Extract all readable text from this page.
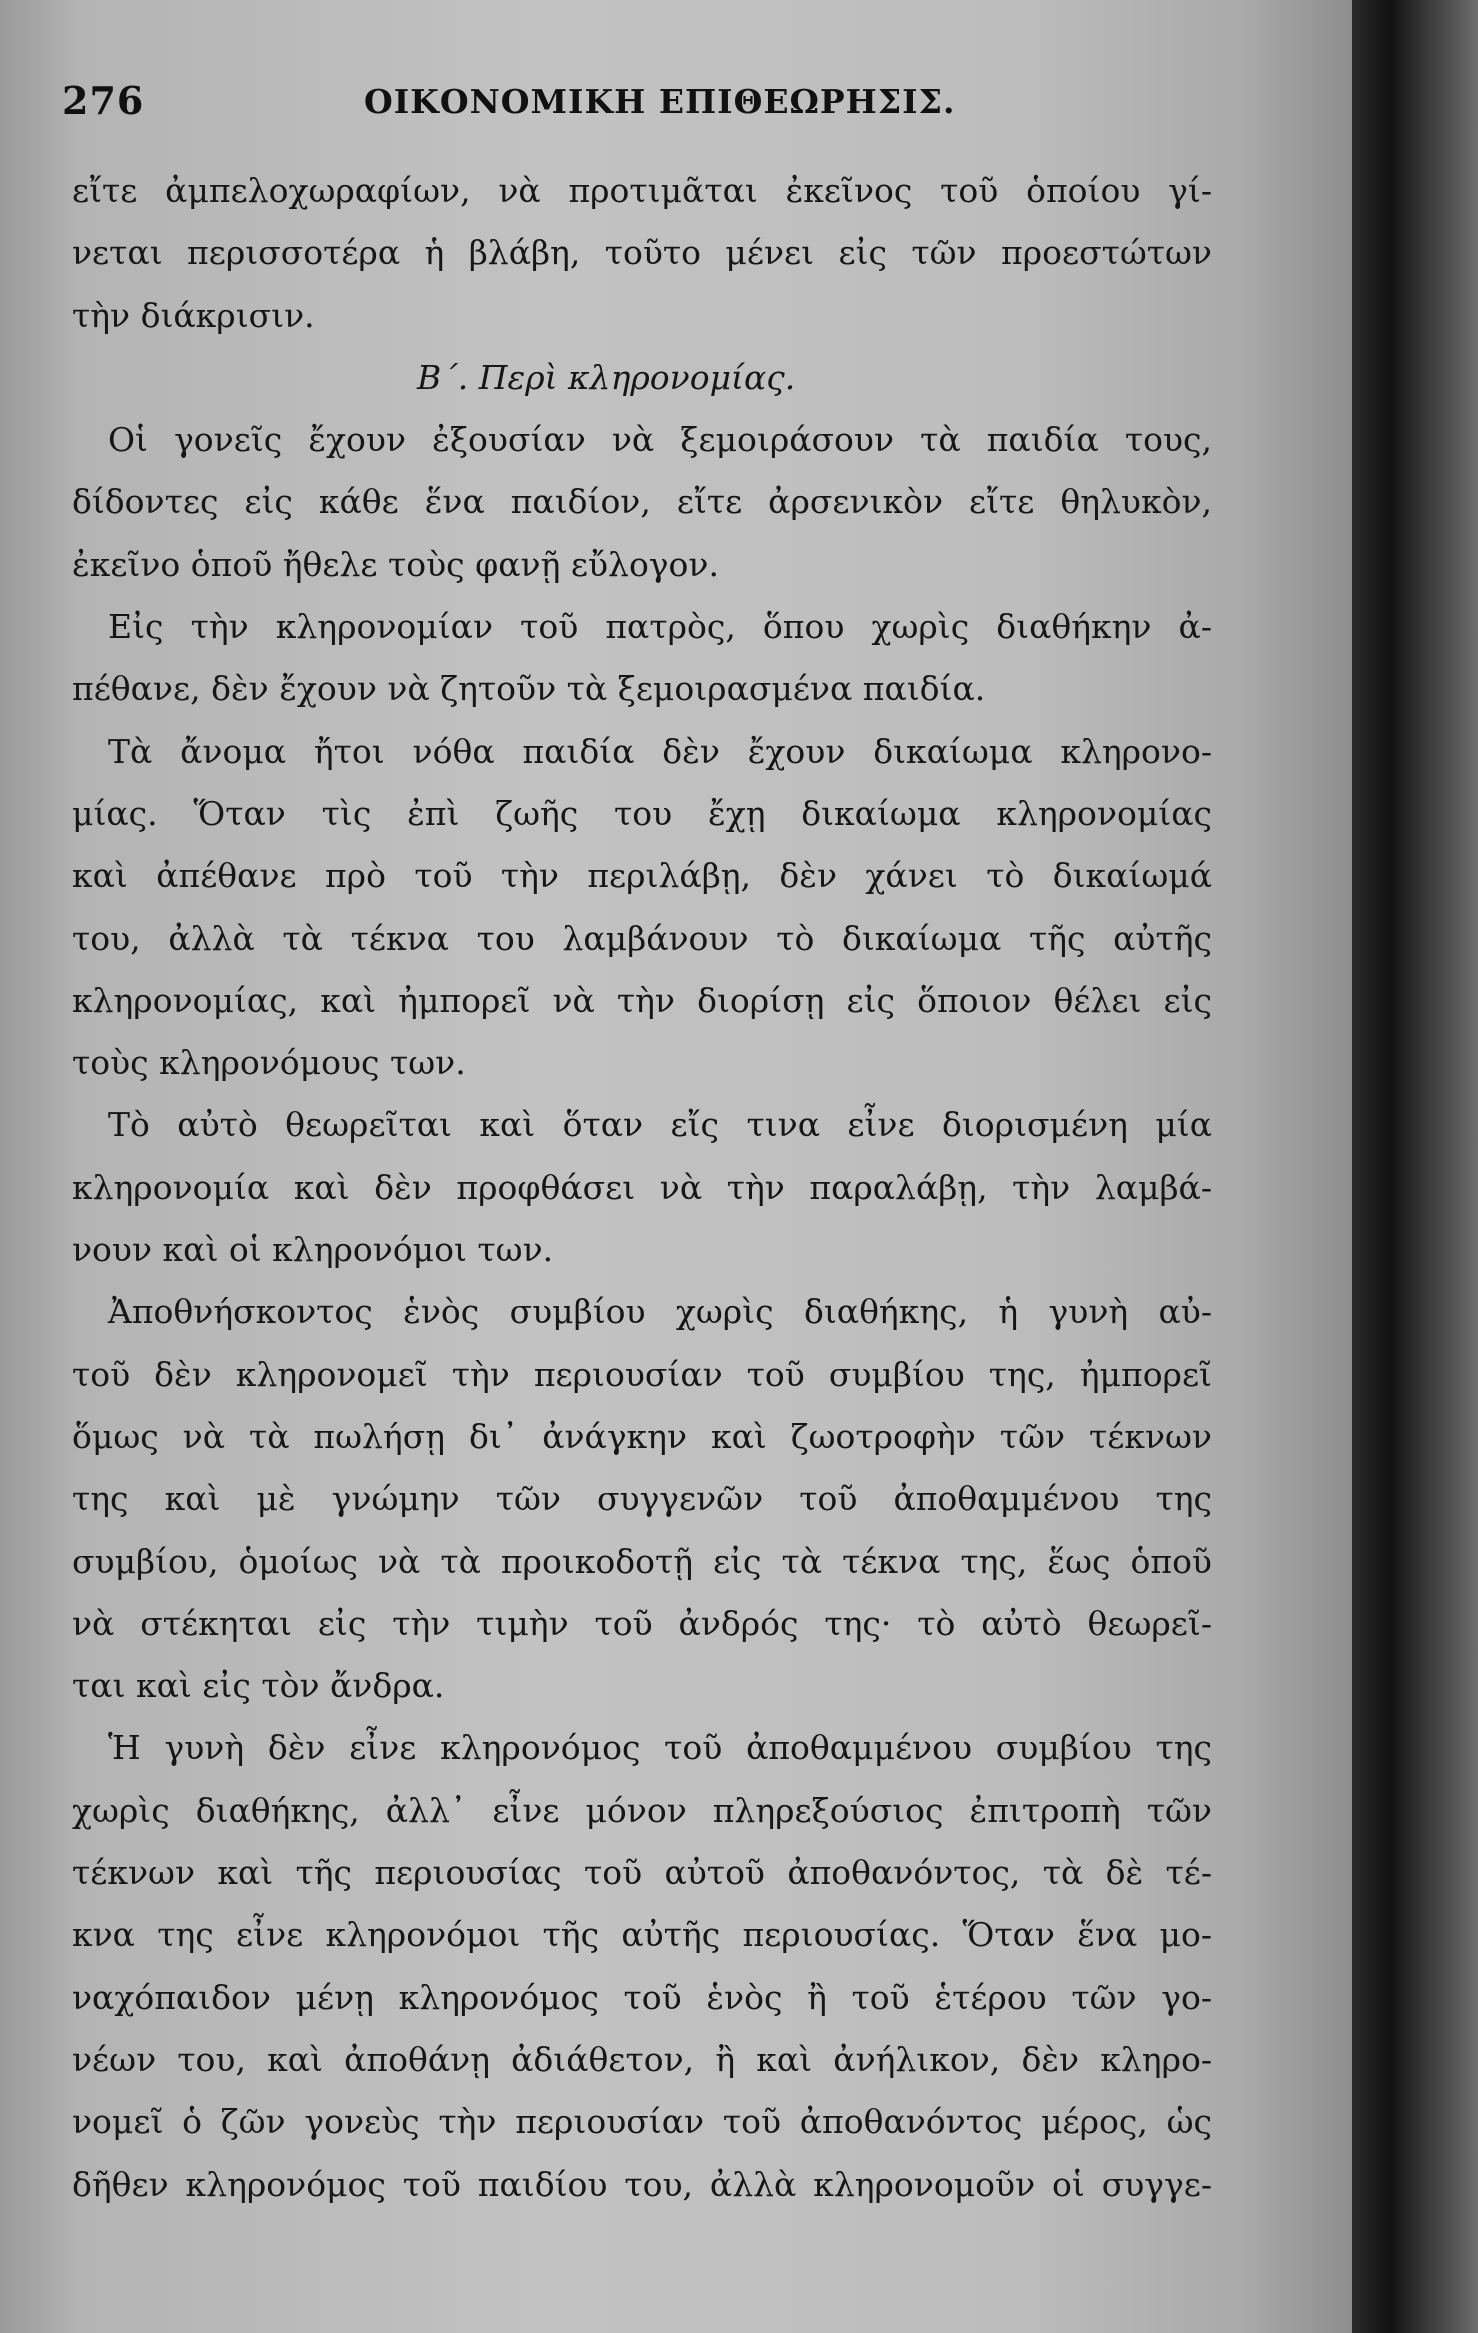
276	ΟΙΚΟΝΟΜΙΚΗ ΕΠΙΘΕΩΡΗΣΙΣ.
εἴτε ἀμπελοχωραφίων, νὰ προτιμᾶται ἐκεῖνος τοῦ ὁποίου γί-
νεται περισσοτέρα ἡ βλάβη, τοῦτο μένει εἰς τῶν προεστώτων
τὴν διάκρισιν.
Β΄. Περὶ κληρονομίας.
Οἱ γονεῖς ἔχουν ἐξουσίαν νὰ ξεμοιράσουν τὰ παιδία τους,
δίδοντες εἰς κάθε ἕνα παιδίον, εἴτε ἀρσενικὸν εἴτε θηλυκὸν,
ἐκεῖνο ὁποῦ ἤθελε τοὺς φανῇ εὔλογον.
Εἰς τὴν κληρονομίαν τοῦ πατρὸς, ὅπου χωρὶς διαθήκην ἀ-
πέθανε, δὲν ἔχουν νὰ ζητοῦν τὰ ξεμοιρασμένα παιδία.
Τὰ ἄνομα ἤτοι νόθα παιδία δὲν ἔχουν δικαίωμα κληρονο-
μίας. Ὅταν τὶς ἐπὶ ζωῆς του ἔχῃ δικαίωμα κληρονομίας
καὶ ἀπέθανε πρὸ τοῦ τὴν περιλάβῃ, δὲν χάνει τὸ δικαίωμά
του, ἀλλὰ τὰ τέκνα του λαμβάνουν τὸ δικαίωμα τῆς αὐτῆς
κληρονομίας, καὶ ἠμπορεῖ νὰ τὴν διορίσῃ εἰς ὅποιον θέλει εἰς
τοὺς κληρονόμους των.
Τὸ αὐτὸ θεωρεῖται καὶ ὅταν εἴς τινα εἶνε διορισμένη μία
κληρονομία καὶ δὲν προφθάσει νὰ τὴν παραλάβῃ, τὴν λαμβά-
νουν καὶ οἱ κληρονόμοι των.
Ἀποθνήσκοντος ἑνὸς συμβίου χωρὶς διαθήκης, ἡ γυνὴ αὐ-
τοῦ δὲν κληρονομεῖ τὴν περιουσίαν τοῦ συμβίου της, ἠμπορεῖ
ὅμως νὰ τὰ πωλήσῃ δι᾽ ἀνάγκην καὶ ζωοτροφὴν τῶν τέκνων
της καὶ μὲ γνώμην τῶν συγγενῶν τοῦ ἀποθαμμένου της
συμβίου, ὁμοίως νὰ τὰ προικοδοτῇ εἰς τὰ τέκνα της, ἕως ὁποῦ
νὰ στέκηται εἰς τὴν τιμὴν τοῦ ἀνδρός της· τὸ αὐτὸ θεωρεῖ-
ται καὶ εἰς τὸν ἄνδρα.
Ἡ γυνὴ δὲν εἶνε κληρονόμος τοῦ ἀποθαμμένου συμβίου της
χωρὶς διαθήκης, ἀλλ᾽ εἶνε μόνον πληρεξούσιος ἐπιτροπὴ τῶν
τέκνων καὶ τῆς περιουσίας τοῦ αὐτοῦ ἀποθανόντος, τὰ δὲ τέ-
κνα της εἶνε κληρονόμοι τῆς αὐτῆς περιουσίας. Ὅταν ἕνα μο-
ναχόπαιδον μένῃ κληρονόμος τοῦ ἑνὸς ἢ τοῦ ἑτέρου τῶν γο-
νέων του, καὶ ἀποθάνῃ ἀδιάθετον, ἢ καὶ ἀνήλικον, δὲν κληρο-
νομεῖ ὁ ζῶν γονεὺς τὴν περιουσίαν τοῦ ἀποθανόντος μέρος, ὡς
δῆθεν κληρονόμος τοῦ παιδίου του, ἀλλὰ κληρονομοῦν οἱ συγγε-
